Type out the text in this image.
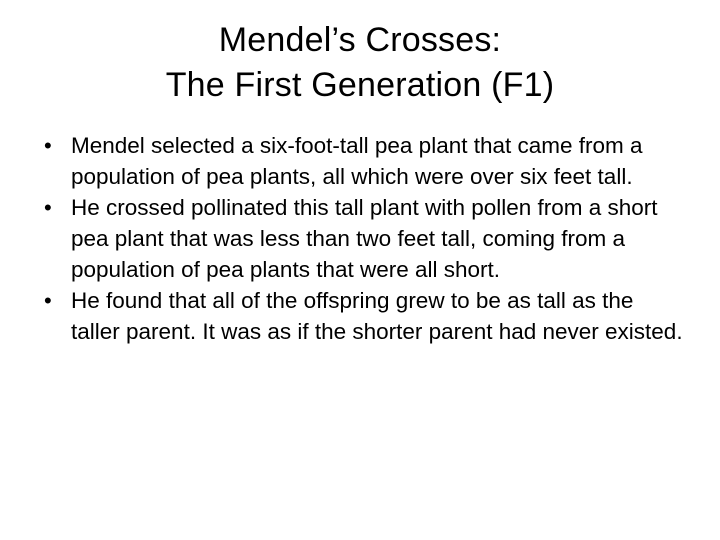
Mendel’s Crosses:
The First Generation (F1)
• Mendel selected a six-foot-tall pea plant that came from a population of pea plants, all which were over six feet tall.
• He crossed pollinated this tall plant with pollen from a short pea plant that was less than two feet tall, coming from a population of pea plants that were all short.
• He found that all of the offspring grew to be as tall as the taller parent. It was as if the shorter parent had never existed.
